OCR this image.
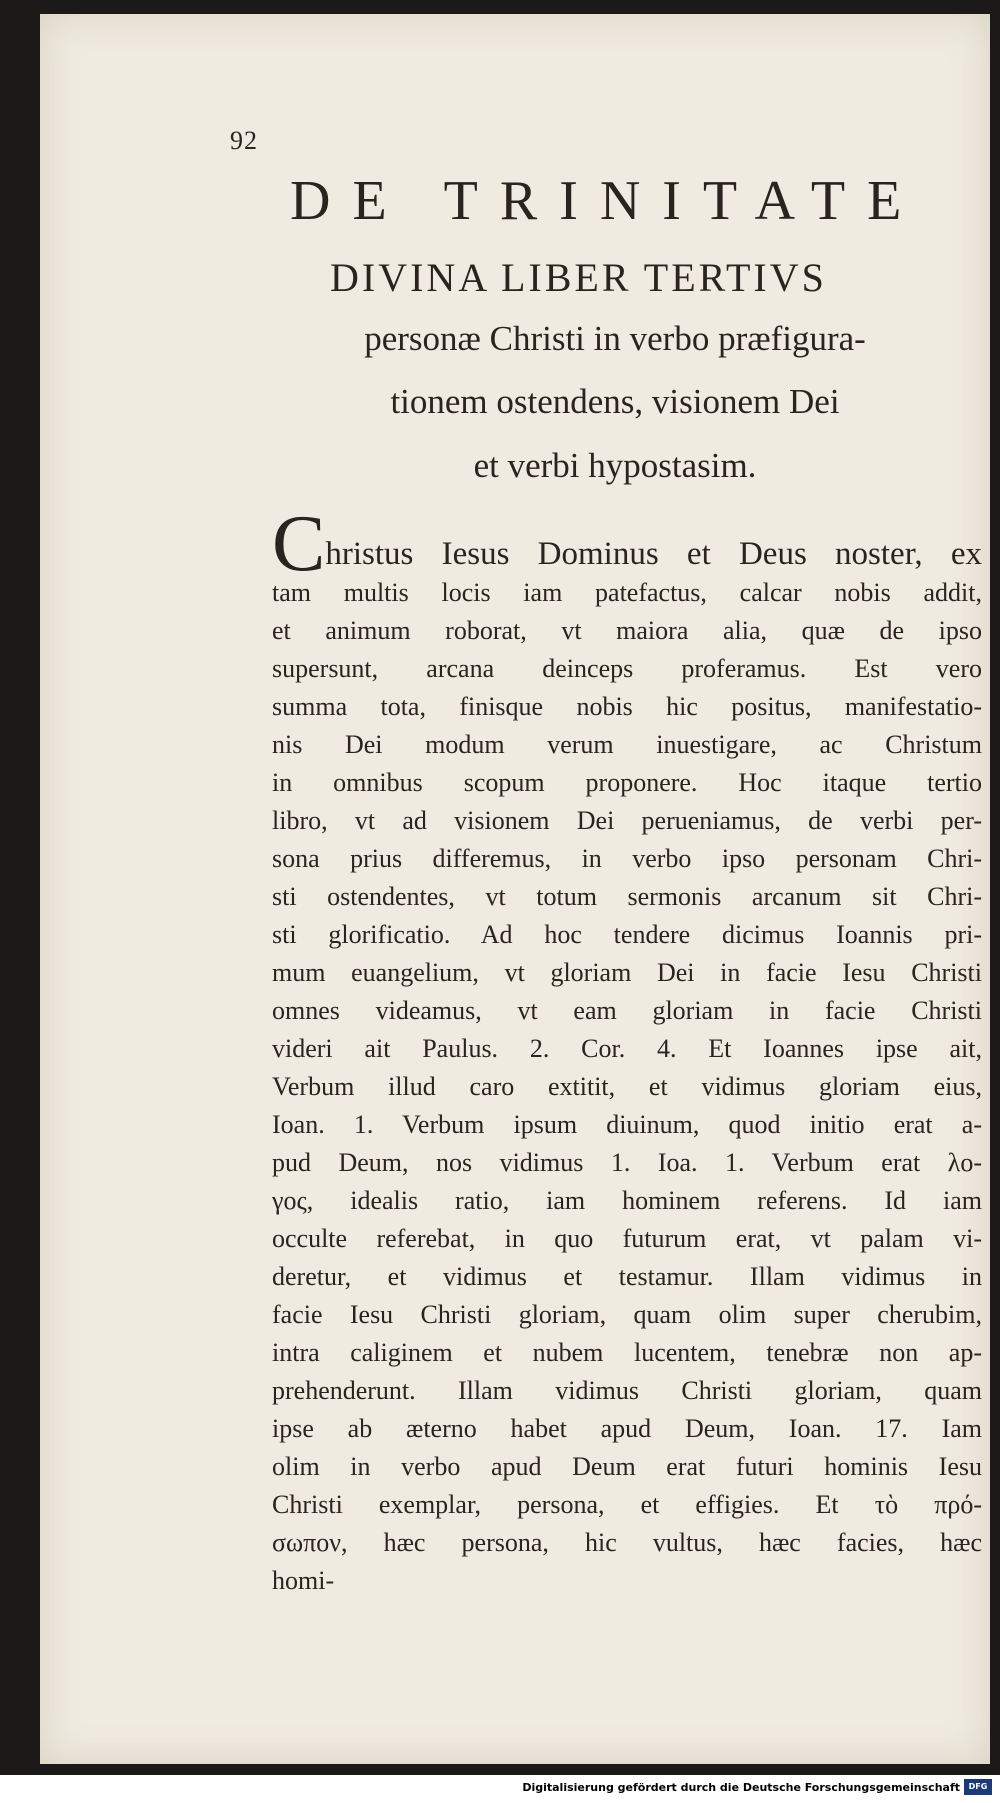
92
DE TRINITATE
DIVINA LIBER TERTIVS
personæ Christi in verbo præfigura-
tionem ostendens, visionem Dei
et verbi hypostasim.
Christus Iesus Dominus et Deus noster, ex
tam multis locis iam patefactus, calcar nobis addit,
et animum roborat, vt maiora alia, quæ de ipso
supersunt, arcana deinceps proferamus. Est vero
summa tota, finisque nobis hic positus, manifestatio-
nis Dei modum verum inuestigare, ac Christum
in omnibus scopum proponere. Hoc itaque tertio
libro, vt ad visionem Dei perueniamus, de verbi per-
sona prius differemus, in verbo ipso personam Chri-
sti ostendentes, vt totum sermonis arcanum sit Chri-
sti glorificatio. Ad hoc tendere dicimus Ioannis pri-
mum euangelium, vt gloriam Dei in facie Iesu Christi
omnes videamus, vt eam gloriam in facie Christi
videri ait Paulus. 2. Cor. 4. Et Ioannes ipse ait,
Verbum illud caro extitit, et vidimus gloriam eius,
Ioan. 1. Verbum ipsum diuinum, quod initio erat a-
pud Deum, nos vidimus 1. Ioa. 1. Verbum erat λο-
γος, idealis ratio, iam hominem referens. Id iam
occulte referebat, in quo futurum erat, vt palam vi-
deretur, et vidimus et testamur. Illam vidimus in
facie Iesu Christi gloriam, quam olim super cherubim,
intra caliginem et nubem lucentem, tenebræ non ap-
prehenderunt. Illam vidimus Christi gloriam, quam
ipse ab æterno habet apud Deum, Ioan. 17. Iam
olim in verbo apud Deum erat futuri hominis Iesu
Christi exemplar, persona, et effigies. Et τὸ πρό-
σωπον, hæc persona, hic vultus, hæc facies, hæc
homi-
Digitalisierung gefördert durch die Deutsche Forschungsgemeinschaft	DFG
